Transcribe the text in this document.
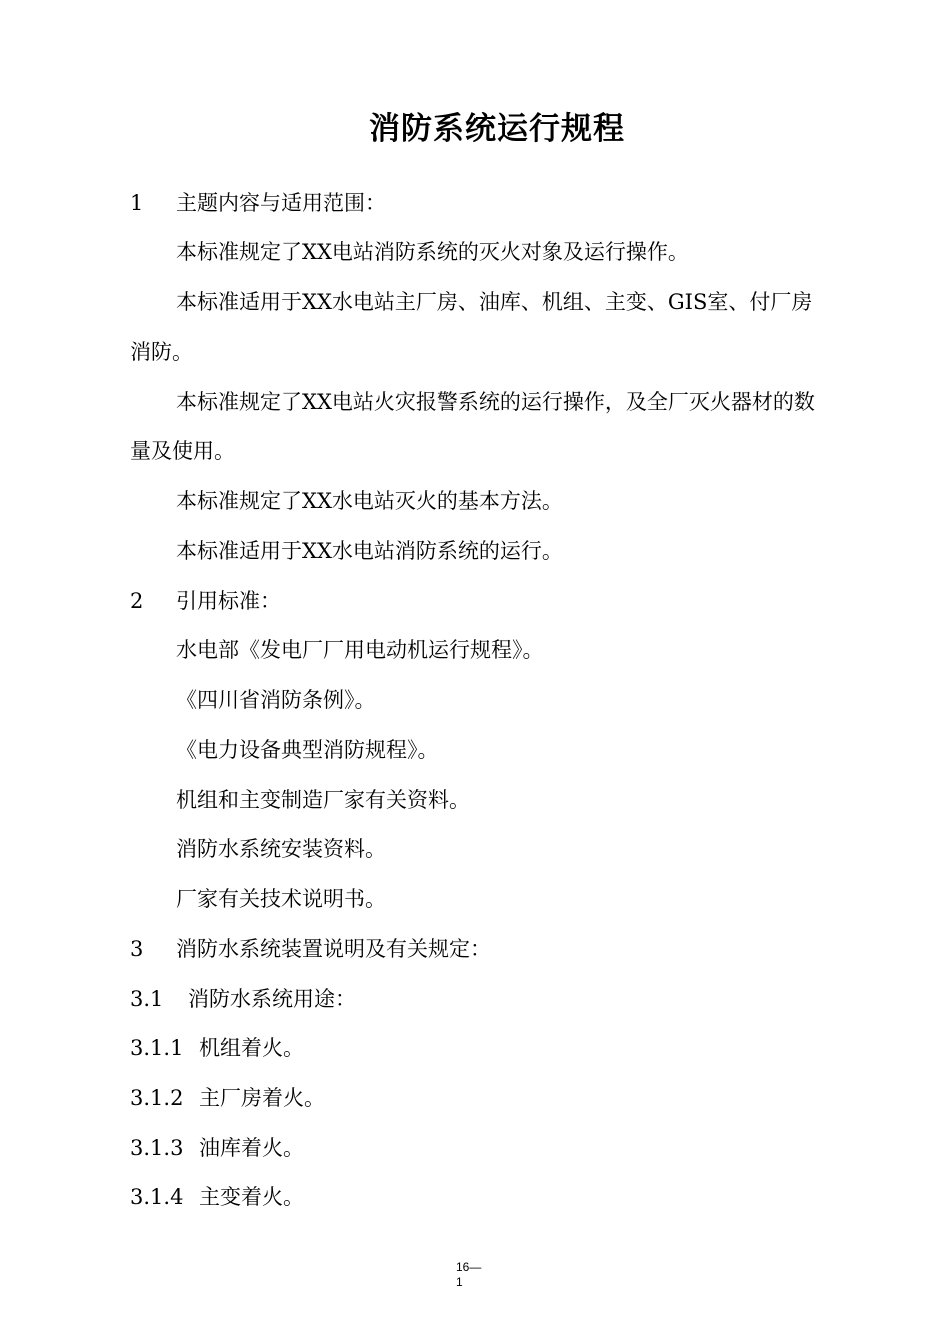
消防系统运行规程
1 主题内容与适用范围：
本标准规定了XX电站消防系统的灭火对象及运行操作。
本标准适用于XX水电站主厂房、油库、机组、主变、GIS室、付厂房
消防。
本标准规定了XX电站火灾报警系统的运行操作，及全厂灭火器材的数
量及使用。
本标准规定了XX水电站灭火的基本方法。
本标准适用于XX水电站消防系统的运行。
2 引用标准：
水电部《发电厂厂用电动机运行规程》。
《四川省消防条例》。
《电力设备典型消防规程》。
机组和主变制造厂家有关资料。
消防水系统安装资料。
厂家有关技术说明书。
3 消防水系统装置说明及有关规定：
3.1 消防水系统用途：
3.1.1 机组着火。
3.1.2 主厂房着火。
3.1.3 油库着火。
3.1.4 主变着火。
16—
1
